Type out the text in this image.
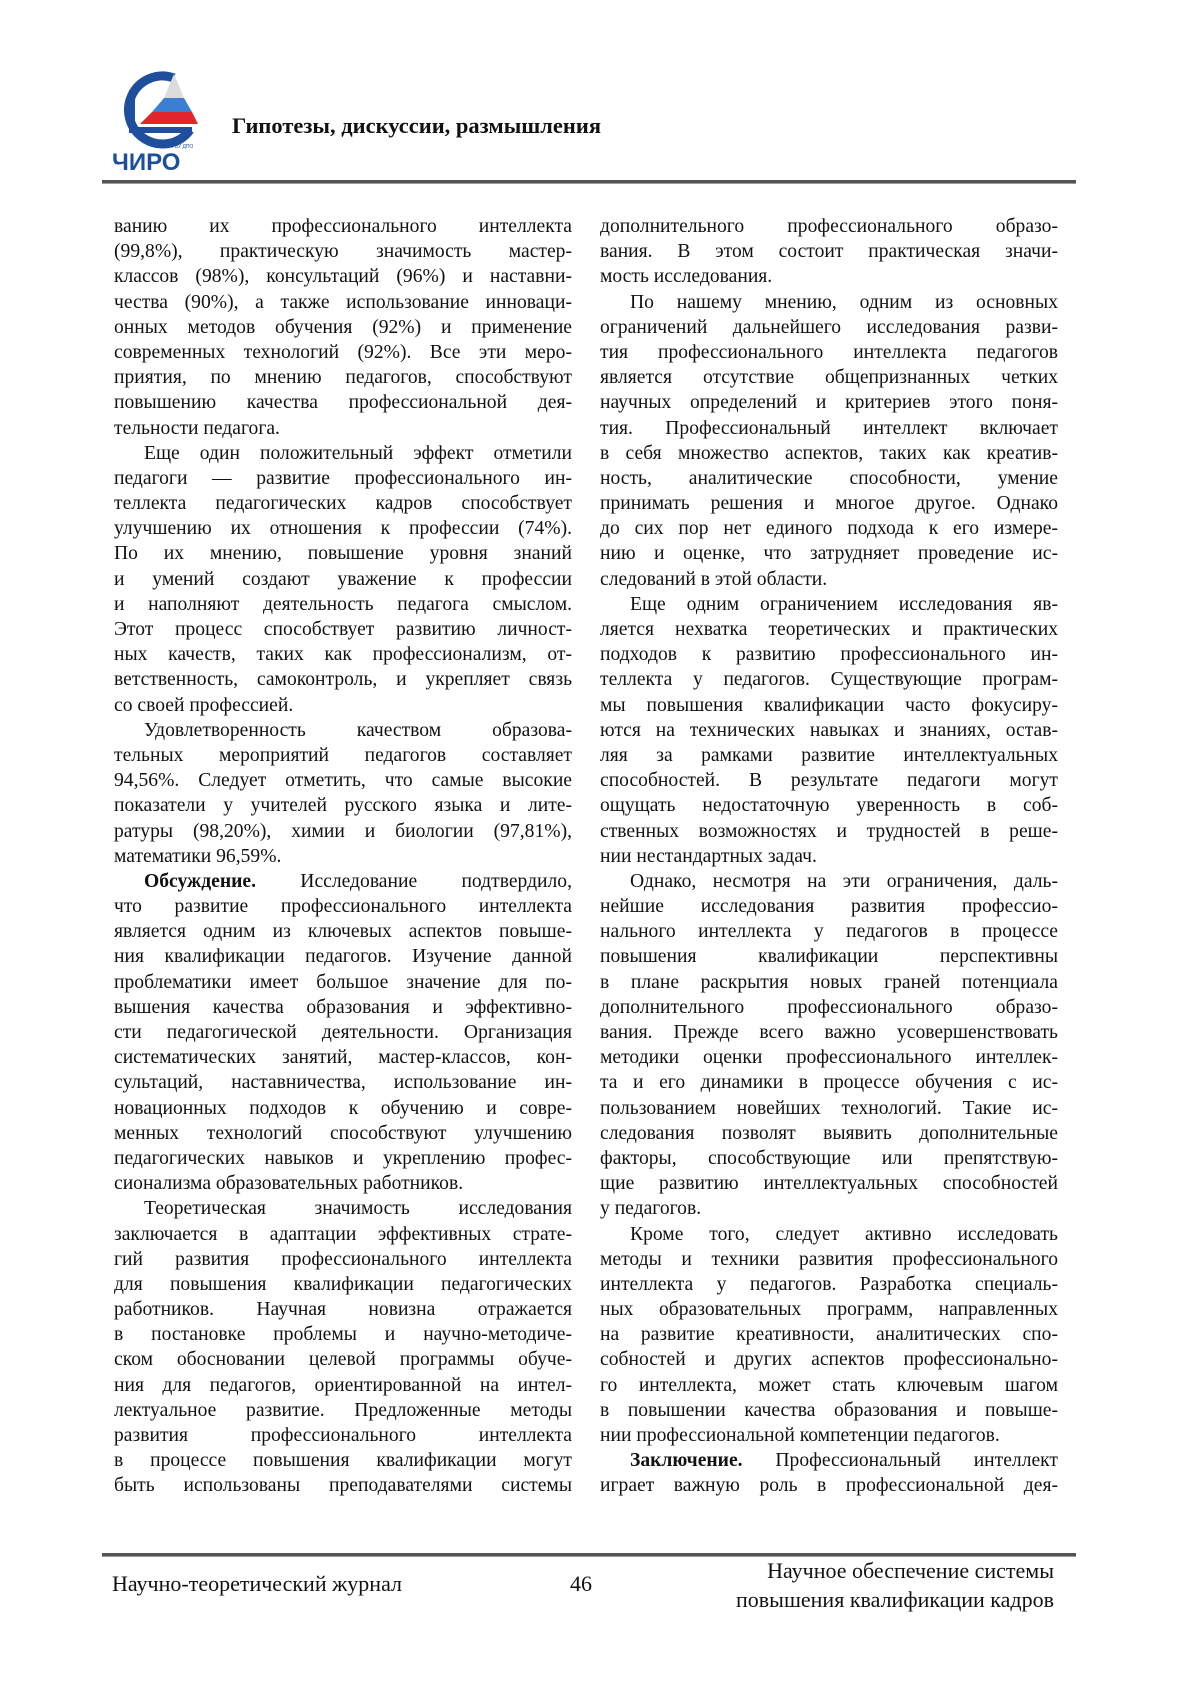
ГБУ ДПО
ЧИРО
Гипотезы, дискуссии, размышления
ванию их профессионального интеллекта
(99,8%), практическую значимость мастер-
классов (98%), консультаций (96%) и наставни-
чества (90%), а также использование инноваци-
онных методов обучения (92%) и применение
современных технологий (92%). Все эти меро-
приятия, по мнению педагогов, способствуют
повышению качества профессиональной дея-
тельности педагога.
Еще один положительный эффект отметили
педагоги — развитие профессионального ин-
теллекта педагогических кадров способствует
улучшению их отношения к профессии (74%).
По их мнению, повышение уровня знаний
и умений создают уважение к профессии
и наполняют деятельность педагога смыслом.
Этот процесс способствует развитию личност-
ных качеств, таких как профессионализм, от-
ветственность, самоконтроль, и укрепляет связь
со своей профессией.
Удовлетворенность качеством образова-
тельных мероприятий педагогов составляет
94,56%. Следует отметить, что самые высокие
показатели у учителей русского языка и лите-
ратуры (98,20%), химии и биологии (97,81%),
математики 96,59%.
Обсуждение. Исследование подтвердило,
что развитие профессионального интеллекта
является одним из ключевых аспектов повыше-
ния квалификации педагогов. Изучение данной
проблематики имеет большое значение для по-
вышения качества образования и эффективно-
сти педагогической деятельности. Организация
систематических занятий, мастер-классов, кон-
сультаций, наставничества, использование ин-
новационных подходов к обучению и совре-
менных технологий способствуют улучшению
педагогических навыков и укреплению профес-
сионализма образовательных работников.
Теоретическая значимость исследования
заключается в адаптации эффективных страте-
гий развития профессионального интеллекта
для повышения квалификации педагогических
работников. Научная новизна отражается
в постановке проблемы и научно-методиче-
ском обосновании целевой программы обуче-
ния для педагогов, ориентированной на интел-
лектуальное развитие. Предложенные методы
развития профессионального интеллекта
в процессе повышения квалификации могут
быть использованы преподавателями системы
дополнительного профессионального образо-
вания. В этом состоит практическая значи-
мость исследования.
По нашему мнению, одним из основных
ограничений дальнейшего исследования разви-
тия профессионального интеллекта педагогов
является отсутствие общепризнанных четких
научных определений и критериев этого поня-
тия. Профессиональный интеллект включает
в себя множество аспектов, таких как креатив-
ность, аналитические способности, умение
принимать решения и многое другое. Однако
до сих пор нет единого подхода к его измере-
нию и оценке, что затрудняет проведение ис-
следований в этой области.
Еще одним ограничением исследования яв-
ляется нехватка теоретических и практических
подходов к развитию профессионального ин-
теллекта у педагогов. Существующие програм-
мы повышения квалификации часто фокусиру-
ются на технических навыках и знаниях, остав-
ляя за рамками развитие интеллектуальных
способностей. В результате педагоги могут
ощущать недостаточную уверенность в соб-
ственных возможностях и трудностей в реше-
нии нестандартных задач.
Однако, несмотря на эти ограничения, даль-
нейшие исследования развития профессио-
нального интеллекта у педагогов в процессе
повышения квалификации перспективны
в плане раскрытия новых граней потенциала
дополнительного профессионального образо-
вания. Прежде всего важно усовершенствовать
методики оценки профессионального интеллек-
та и его динамики в процессе обучения с ис-
пользованием новейших технологий. Такие ис-
следования позволят выявить дополнительные
факторы, способствующие или препятствую-
щие развитию интеллектуальных способностей
у педагогов.
Кроме того, следует активно исследовать
методы и техники развития профессионального
интеллекта у педагогов. Разработка специаль-
ных образовательных программ, направленных
на развитие креативности, аналитических спо-
собностей и других аспектов профессионально-
го интеллекта, может стать ключевым шагом
в повышении качества образования и повыше-
нии профессиональной компетенции педагогов.
Заключение. Профессиональный интеллект
играет важную роль в профессиональной дея-
Научно-теоретический журнал	46
Научное обеспечение системы
повышения квалификации кадров
